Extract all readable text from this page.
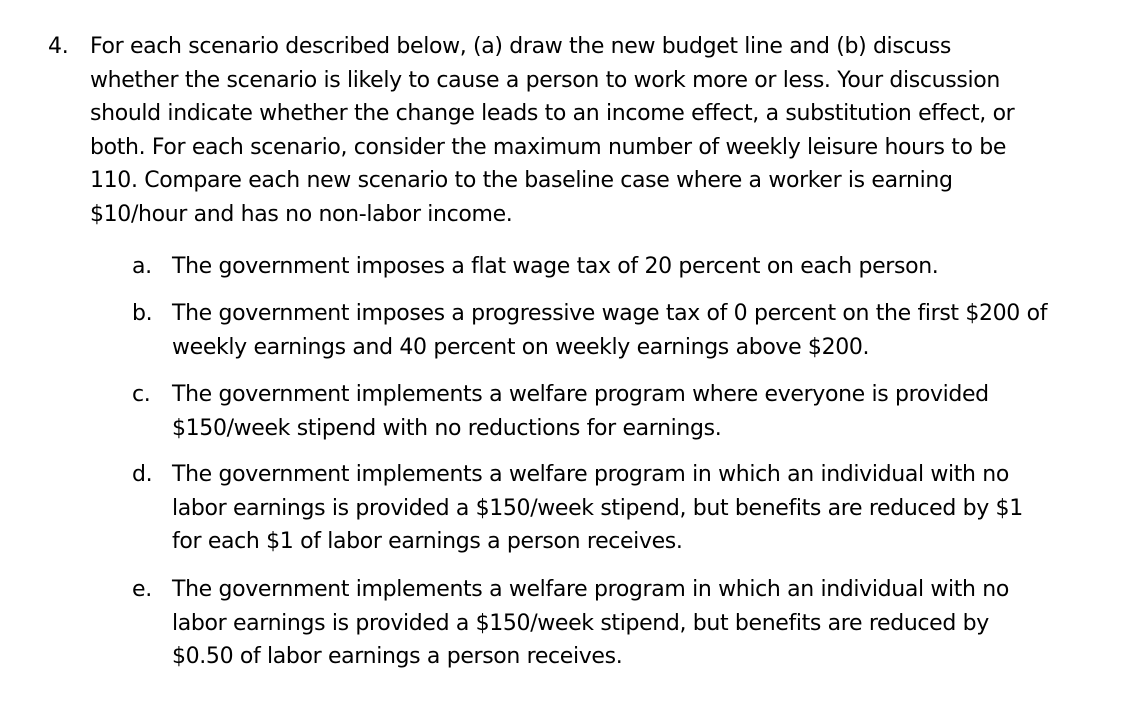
4. For each scenario described below, (a) draw the new budget line and (b) discuss
whether the scenario is likely to cause a person to work more or less. Your discussion
should indicate whether the change leads to an income effect, a substitution effect, or
both. For each scenario, consider the maximum number of weekly leisure hours to be
110. Compare each new scenario to the baseline case where a worker is earning
$10/hour and has no non-labor income.
a. The government imposes a flat wage tax of 20 percent on each person.
b. The government imposes a progressive wage tax of 0 percent on the first $200 of
weekly earnings and 40 percent on weekly earnings above $200.
c. The government implements a welfare program where everyone is provided
$150/week stipend with no reductions for earnings.
d. The government implements a welfare program in which an individual with no
labor earnings is provided a $150/week stipend, but benefits are reduced by $1
for each $1 of labor earnings a person receives.
e. The government implements a welfare program in which an individual with no
labor earnings is provided a $150/week stipend, but benefits are reduced by
$0.50 of labor earnings a person receives.
